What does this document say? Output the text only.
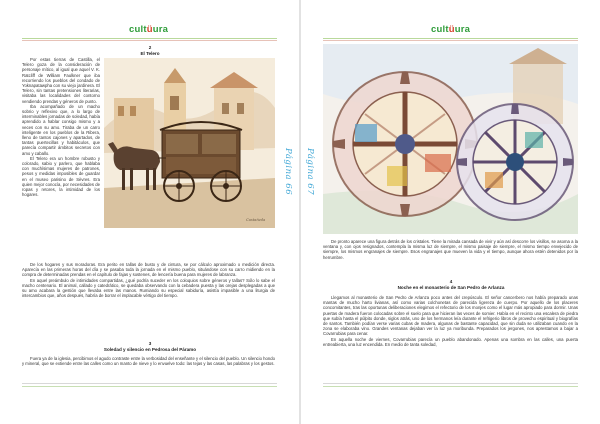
cultüura
2
El Telero

Por estas tierras de Castilla, el Telero goza de la consideración de personaje mítico, al igual que aquel V. K. Ratcliff de William Faulkner que iba recorriendo los pueblos del condado de Yoknapatawpha con su viejo jardinera. El Telero, sin tantas pretensiones literarias, visitaba las localidades del contorno vendiendo prendas y géneros de punto.

Iba acompañado de un macho sobrio y reflexivo que, a lo largo de interminables jornadas de soledad, había aprendido a hablar consigo mismo y a veces con su amo. Tiraba de un carro inteligente en los pueblos de la Ribera, lleno de tantos cajones y apartados, de tantas puertecillas y habitáculos, que parecía compartir ámbitos secretos con amo y caballo.

El Telero era un hombre robusto y colorado, sabio y parlero, que hablaba con muchísimas mujeres de patrones, pesos y medidas imposibles de guardar en el museo parisino de Sèvres. Era quien mejor conocía, por necesidades de ropas y retores, la intimidad de los hogares.

Castañeda

De los hogares y sus moradoras. Era perito en tallas de busto y de cintura, se por cálculo aproximado o medición directa. Aparecía en las primeras horas del día y se pasaba toda la jornada en el mismo pueblo, situándose con su carro midiendo en la compra de determinadas prendas en el capítulo de fajas y sostenes, de lencería buena para mujeres de labranza.

En aquel preámbulo de intimidades compartidas, ¿qué podría suceder en los coloquios sobre géneros y tallas? Sólo lo sabe el macho centenario. El animal, callado y catedrático, se quedaba observando con la cebadera puesta y las orejas desplegadas a que su amo acabara la gestión que llevaba entre las manos. Rumiando su especial sabiduría, asistía impasible a una liturgia de intercambios que, años después, habría de borrar el implacable vértigo del tiempo.

3
Soledad y silencio en Pedrosa del Páramo

Fuera ya de la iglesia, percibimos el agudo contraste entre la verbosidad del enseñante y el silencio del pueblo. Un silencio hondo y mineral, que se extiende entre las calles como un manto de nieve y lo envuelve todo: las tejas y las casas, las palabras y los gestos.

Página 66
cultüura

De pronto aparece una figura detrás de los cristales. Tiene la mirada cansada de vivir y aún así descorre los visillos, se asoma a la ventana y, con ojos resignados, contempla la misma luz de siempre, el mismo paisaje de siempre, el mismo tiempo envejecido de siempre, los mismos engranajes de siempre. Esos engranajes que mueven la vida y el tiempo, aunque ahora estén detenidos por la herrumbre.

4
Noche en el monasterio de San Pedro de Arlanza

Llegamos al monasterio de San Pedro de Arlanza poco antes del crepúsculo. El señor cancerbero nos había preparado unas mantas de mucho harto livianas, así como varias colchonetas de parecida ligereza de cuerpo. Por aquello de los placeres concomitantes, tras las oportunas deliberaciones elegimos el refectorio de los monjes como el lugar más apropiado para dormir. Unas puertas de madera fueron colocadas sobre el suelo para que hicieran las veces de somier. Había en el recinto una escalera de piedra que subía hasta el púlpito donde, siglos atrás, uno de los hermanos leía durante el refrigerio libros de provecho espiritual y biografías de santos. También podían verse varias cubas de madera, algunas de bastante capacidad, que sin duda se utilizaban cuando en la zona se elaboraba vino. Grandes ventanas dejaban ver la luz ya moribunda. Preparados los jergones, nos aprestamos a bajar a Covarrubias para cenar.

En aquella noche de viernes, Covarrubias parecía un pueblo abandonado. Apenas una sombra en las calles, una puerta entreabierta, una luz encendida. En medio de tanta soledad,

Página 67
